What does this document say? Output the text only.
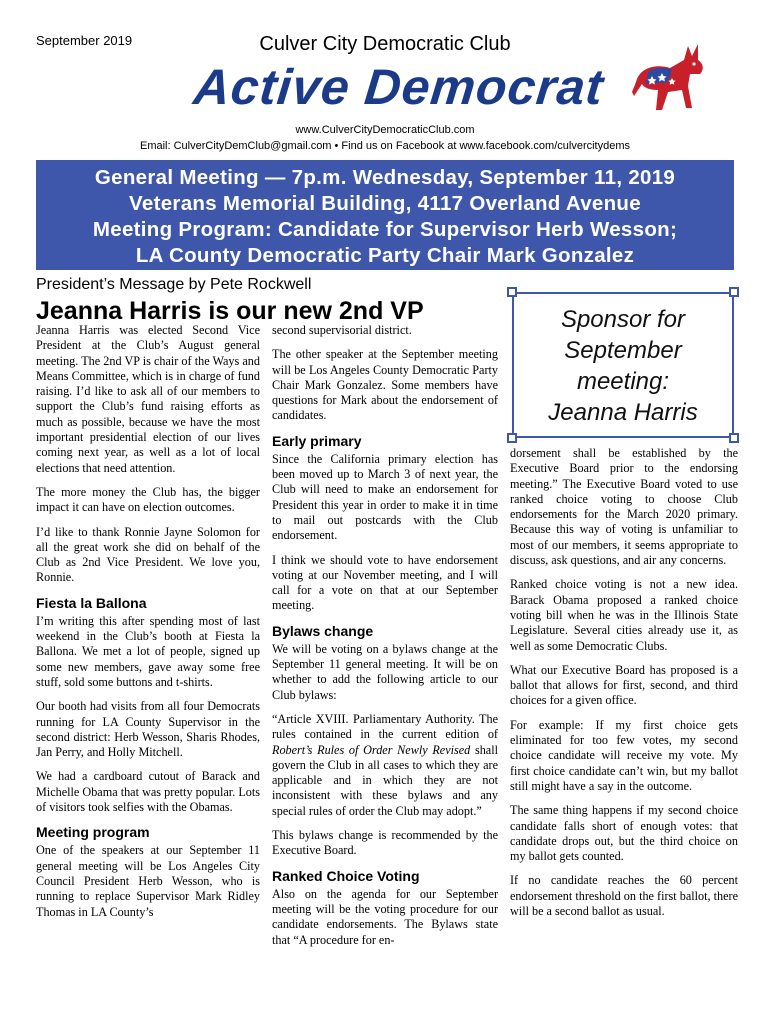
September 2019	Culver City Democratic Club
Active Democrat
www.CulverCityDemocraticClub.com
Email: CulverCityDemClub@gmail.com • Find us on Facebook at www.facebook.com/culvercitydems
General Meeting — 7p.m. Wednesday, September 11, 2019
Veterans Memorial Building, 4117 Overland Avenue
Meeting Program: Candidate for Supervisor Herb Wesson;
LA County Democratic Party Chair Mark Gonzalez
President’s Message by Pete Rockwell
Jeanna Harris is our new 2nd VP

Jeanna Harris was elected Second Vice President at the Club’s August general meeting. The 2nd VP is chair of the Ways and Means Committee, which is in charge of fund raising. I’d like to ask all of our members to support the Club’s fund raising efforts as much as possible, because we have the most important presidential election of our lives coming next year, as well as a lot of local elections that need attention.

The more money the Club has, the bigger impact it can have on election outcomes.

I’d like to thank Ronnie Jayne Solomon for all the great work she did on behalf of the Club as 2nd Vice President. We love you, Ronnie.

Fiesta la Ballona

I’m writing this after spending most of last weekend in the Club’s booth at Fiesta la Ballona. We met a lot of people, signed up some new members, gave away some free stuff, sold some buttons and t-shirts.

Our booth had visits from all four Democrats running for LA County Supervisor in the second district: Herb Wesson, Sharis Rhodes, Jan Perry, and Holly Mitchell.

We had a cardboard cutout of Barack and Michelle Obama that was pretty popular. Lots of visitors took selfies with the Obamas.

Meeting program

One of the speakers at our September 11 general meeting will be Los Angeles City Council President Herb Wesson, who is running to replace Supervisor Mark Ridley Thomas in LA County’s

second supervisorial district.

The other speaker at the September meeting will be Los Angeles County Democratic Party Chair Mark Gonzalez. Some members have questions for Mark about the endorsement of candidates.

Early primary

Since the California primary election has been moved up to March 3 of next year, the Club will need to make an endorsement for President this year in order to make it in time to mail out postcards with the Club endorsement.

I think we should vote to have endorsement voting at our November meeting, and I will call for a vote on that at our September meeting.

Bylaws change

We will be voting on a bylaws change at the September 11 general meeting. It will be on whether to add the following article to our Club bylaws:

“Article XVIII. Parliamentary Authority. The rules contained in the current edition of Robert’s Rules of Order Newly Revised shall govern the Club in all cases to which they are applicable and in which they are not inconsistent with these bylaws and any special rules of order the Club may adopt.”

This bylaws change is recommended by the Executive Board.

Ranked Choice Voting

Also on the agenda for our September meeting will be the voting procedure for our candidate endorsements. The Bylaws state that “A procedure for en-

Sponsor for
September
meeting:
Jeanna Harris

dorsement shall be established by the Executive Board prior to the endorsing meeting.” The Executive Board voted to use ranked choice voting to choose Club endorsements for the March 2020 primary. Because this way of voting is unfamiliar to most of our members, it seems appropriate to discuss, ask questions, and air any concerns.

Ranked choice voting is not a new idea. Barack Obama proposed a ranked choice voting bill when he was in the Illinois State Legislature. Several cities already use it, as well as some Democratic Clubs.

What our Executive Board has proposed is a ballot that allows for first, second, and third choices for a given office.

For example: If my first choice gets eliminated for too few votes, my second choice candidate will receive my vote. My first choice candidate can’t win, but my ballot still might have a say in the outcome.

The same thing happens if my second choice candidate falls short of enough votes: that candidate drops out, but the third choice on my ballot gets counted.

If no candidate reaches the 60 percent endorsement threshold on the first ballot, there will be a second ballot as usual.
